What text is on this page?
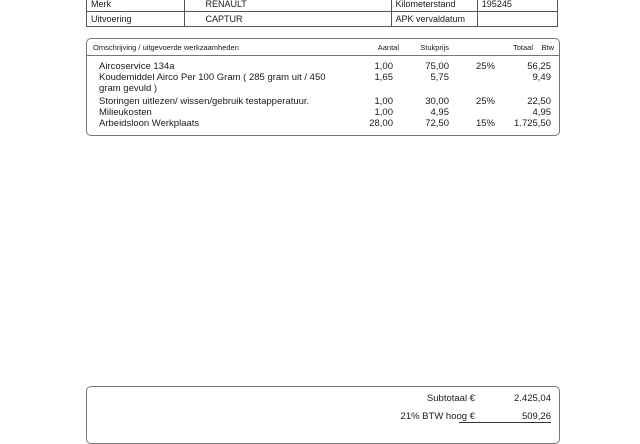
Merk	RENAULT	Kilometerstand	195245
Uitvoering	CAPTUR	APK vervaldatum	
Omschrijving / uitgevoerde werkzaamheden	Aantal	Stukprijs	Totaal Btw
Aircoservice 134a	1,00	75,00	25%	56,25
Koudemiddel Airco Per 100 Gram ( 285 gram uit / 450
gram gevuld )
1,65	5,75	9,49
Storingen uitlezen/ wissen/gebruik testapperatuur.	1,00	30,00	25%	22,50
Milieukosten	1,00	4,95	4,95
Arbeidsloon Werkplaats	28,00	72,50	15% 1.725,50
Subtotaal €	2.425,04
21% BTW hoog €	509,26
